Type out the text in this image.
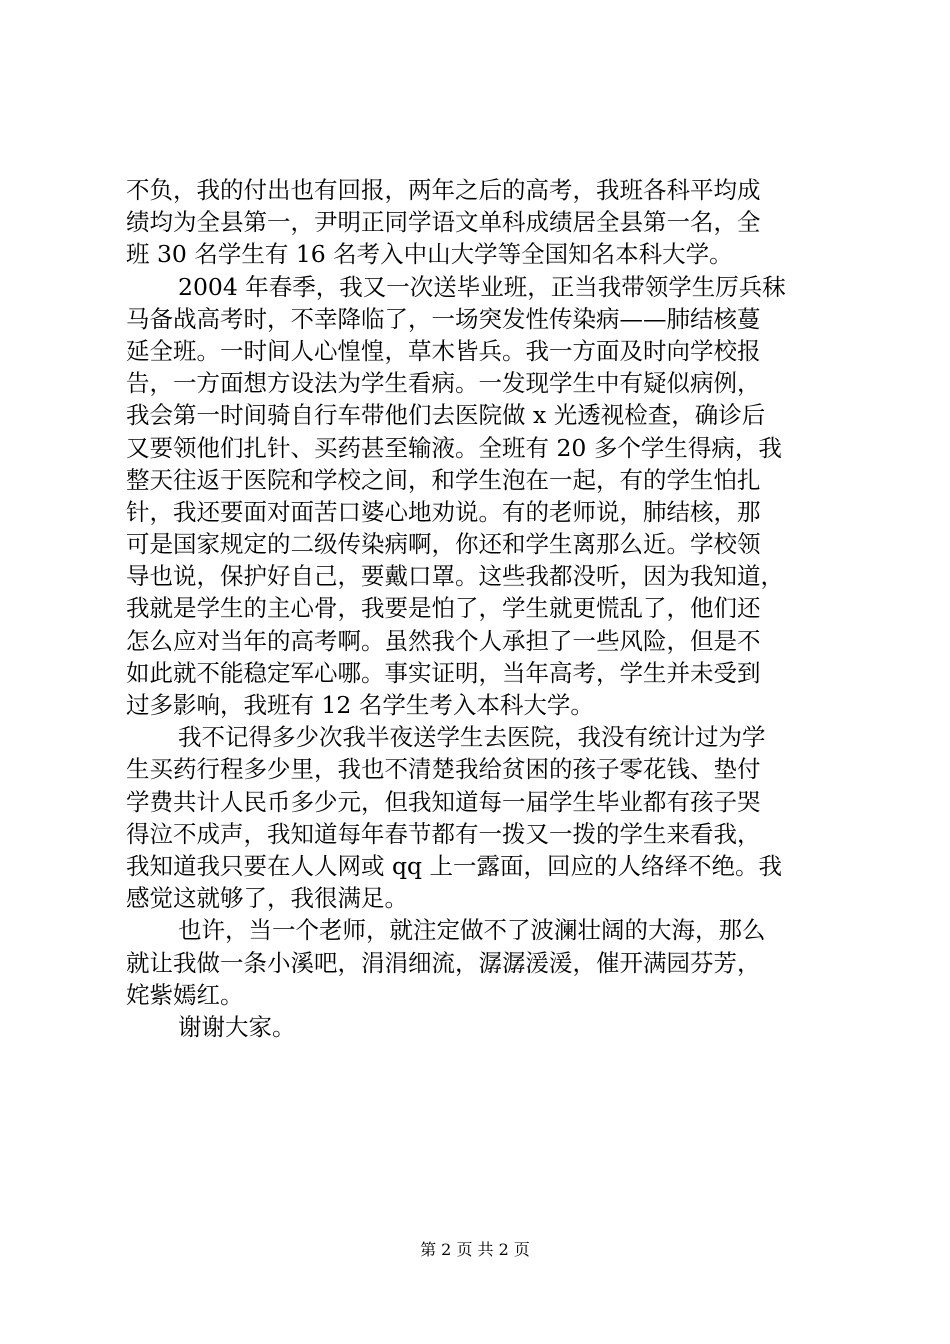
不负，我的付出也有回报，两年之后的高考，我班各科平均成
绩均为全县第一，尹明正同学语文单科成绩居全县第一名，全
班 30 名学生有 16 名考入中山大学等全国知名本科大学。
2004 年春季，我又一次送毕业班，正当我带领学生厉兵秣
马备战高考时，不幸降临了，一场突发性传染病——肺结核蔓
延全班。一时间人心惶惶，草木皆兵。我一方面及时向学校报
告，一方面想方设法为学生看病。一发现学生中有疑似病例，
我会第一时间骑自行车带他们去医院做 x 光透视检查，确诊后
又要领他们扎针、买药甚至输液。全班有 20 多个学生得病，我
整天往返于医院和学校之间，和学生泡在一起，有的学生怕扎
针，我还要面对面苦口婆心地劝说。有的老师说，肺结核，那
可是国家规定的二级传染病啊，你还和学生离那么近。学校领
导也说，保护好自己，要戴口罩。这些我都没听，因为我知道，
我就是学生的主心骨，我要是怕了，学生就更慌乱了，他们还
怎么应对当年的高考啊。虽然我个人承担了一些风险，但是不
如此就不能稳定军心哪。事实证明，当年高考，学生并未受到
过多影响，我班有 12 名学生考入本科大学。
我不记得多少次我半夜送学生去医院，我没有统计过为学
生买药行程多少里，我也不清楚我给贫困的孩子零花钱、垫付
学费共计人民币多少元，但我知道每一届学生毕业都有孩子哭
得泣不成声，我知道每年春节都有一拨又一拨的学生来看我，
我知道我只要在人人网或 qq 上一露面，回应的人络绎不绝。我
感觉这就够了，我很满足。
也许，当一个老师，就注定做不了波澜壮阔的大海，那么
就让我做一条小溪吧，涓涓细流，潺潺湲湲，催开满园芬芳，
姹紫嫣红。
谢谢大家。
第 2 页 共 2 页
